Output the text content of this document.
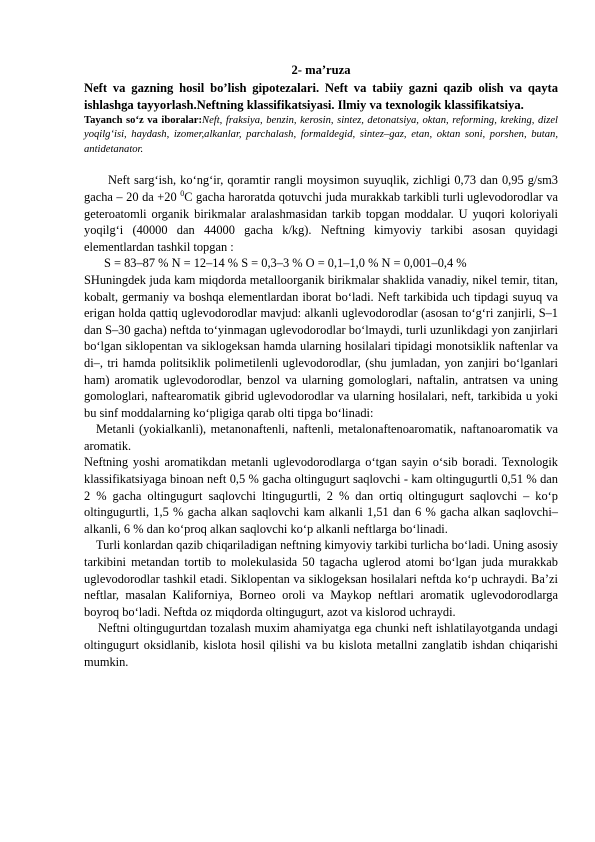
2- ma’ruza

Neft va gazning hosil bo’lish gipotezalari. Neft va tabiiy gazni qazib olish va qayta ishlashga tayyorlash.Neftning klassifikatsiyasi. Ilmiy va texnologik klassifikatsiya.

Tayanch so‘z va iboralar:Neft, fraksiya, benzin, kerosin, sintez, detonatsiya, oktan, reforming, kreking, dizel yoqilg‘isi, haydash, izomer,alkanlar, parchalash, formaldegid, sintez–gaz, etan, oktan soni, porshen, butan, antidetanator.

Neft sarg‘ish, ko‘ng‘ir, qoramtir rangli moysimon suyuqlik, zichligi 0,73 dan 0,95 g/sm3 gacha – 20 da +20 $^0$C gacha haroratda qotuvchi juda murakkab tarkibli turli uglevodorodlar va geteroatomli organik birikmalar aralashmasidan tarkib topgan moddalar. U yuqori koloriyali yoqilg‘i (40000 dan 44000 gacha k/kg). Neftning kimyoviy tarkibi asosan quyidagi elementlardan tashkil topgan :

S = 83–87 % N = 12–14 % S = 0,3–3 % O = 0,1–1,0 % N = 0,001–0,4 %

SHuningdek juda kam miqdorda metalloorganik birikmalar shaklida vanadiy, nikel temir, titan, kobalt, germaniy va boshqa elementlardan iborat bo‘ladi. Neft tarkibida uch tipdagi suyuq va erigan holda qattiq uglevodorodlar mavjud: alkanli uglevodorodlar (asosan to‘g‘ri zanjirli, S–1 dan S–30 gacha) neftda to‘yinmagan uglevodorodlar bo‘lmaydi, turli uzunlikdagi yon zanjirlari bo‘lgan siklopentan va siklogeksan hamda ularning hosilalari tipidagi monotsiklik naftenlar va di–, tri hamda politsiklik polimetilenli uglevodorodlar, (shu jumladan, yon zanjiri bo‘lganlari ham) aromatik uglevodorodlar, benzol va ularning gomologlari, naftalin, antratsen va uning gomologlari, naftearomatik gibrid uglevodorodlar va ularning hosilalari, neft, tarkibida u yoki bu sinf moddalarning ko‘pligiga qarab olti tipga bo‘linadi:

Metanli (yokialkanli), metanonaftenli, naftenli, metalonaftenoaromatik, naftanoaromatik va aromatik.

Neftning yoshi aromatikdan metanli uglevodorodlarga o‘tgan sayin o‘sib boradi. Texnologik klassifikatsiyaga binoan neft 0,5 % gacha oltingugurt saqlovchi - kam oltingugurtli 0,51 % dan 2 % gacha oltingugurt saqlovchi ltingugurtli, 2 % dan ortiq oltingugurt saqlovchi – ko‘p oltingugurtli, 1,5 % gacha alkan saqlovchi kam alkanli 1,51 dan 6 % gacha alkan saqlovchi–alkanli, 6 % dan ko‘proq alkan saqlovchi ko‘p alkanli neftlarga bo‘linadi.

Turli konlardan qazib chiqariladigan neftning kimyoviy tarkibi turlicha bo‘ladi. Uning asosiy tarkibini metandan tortib to molekulasida 50 tagacha uglerod atomi bo‘lgan juda murakkab uglevodorodlar tashkil etadi. Siklopentan va siklogeksan hosilalari neftda ko‘p uchraydi. Ba’zi neftlar, masalan Kaliforniya, Borneo oroli va Maykop neftlari aromatik uglevodorodlarga boyroq bo‘ladi. Neftda oz miqdorda oltingugurt, azot va kislorod uchraydi.

Neftni oltingugurtdan tozalash muxim ahamiyatga ega chunki neft ishlatilayotganda undagi oltingugurt oksidlanib, kislota hosil qilishi va bu kislota metallni zanglatib ishdan chiqarishi mumkin.
